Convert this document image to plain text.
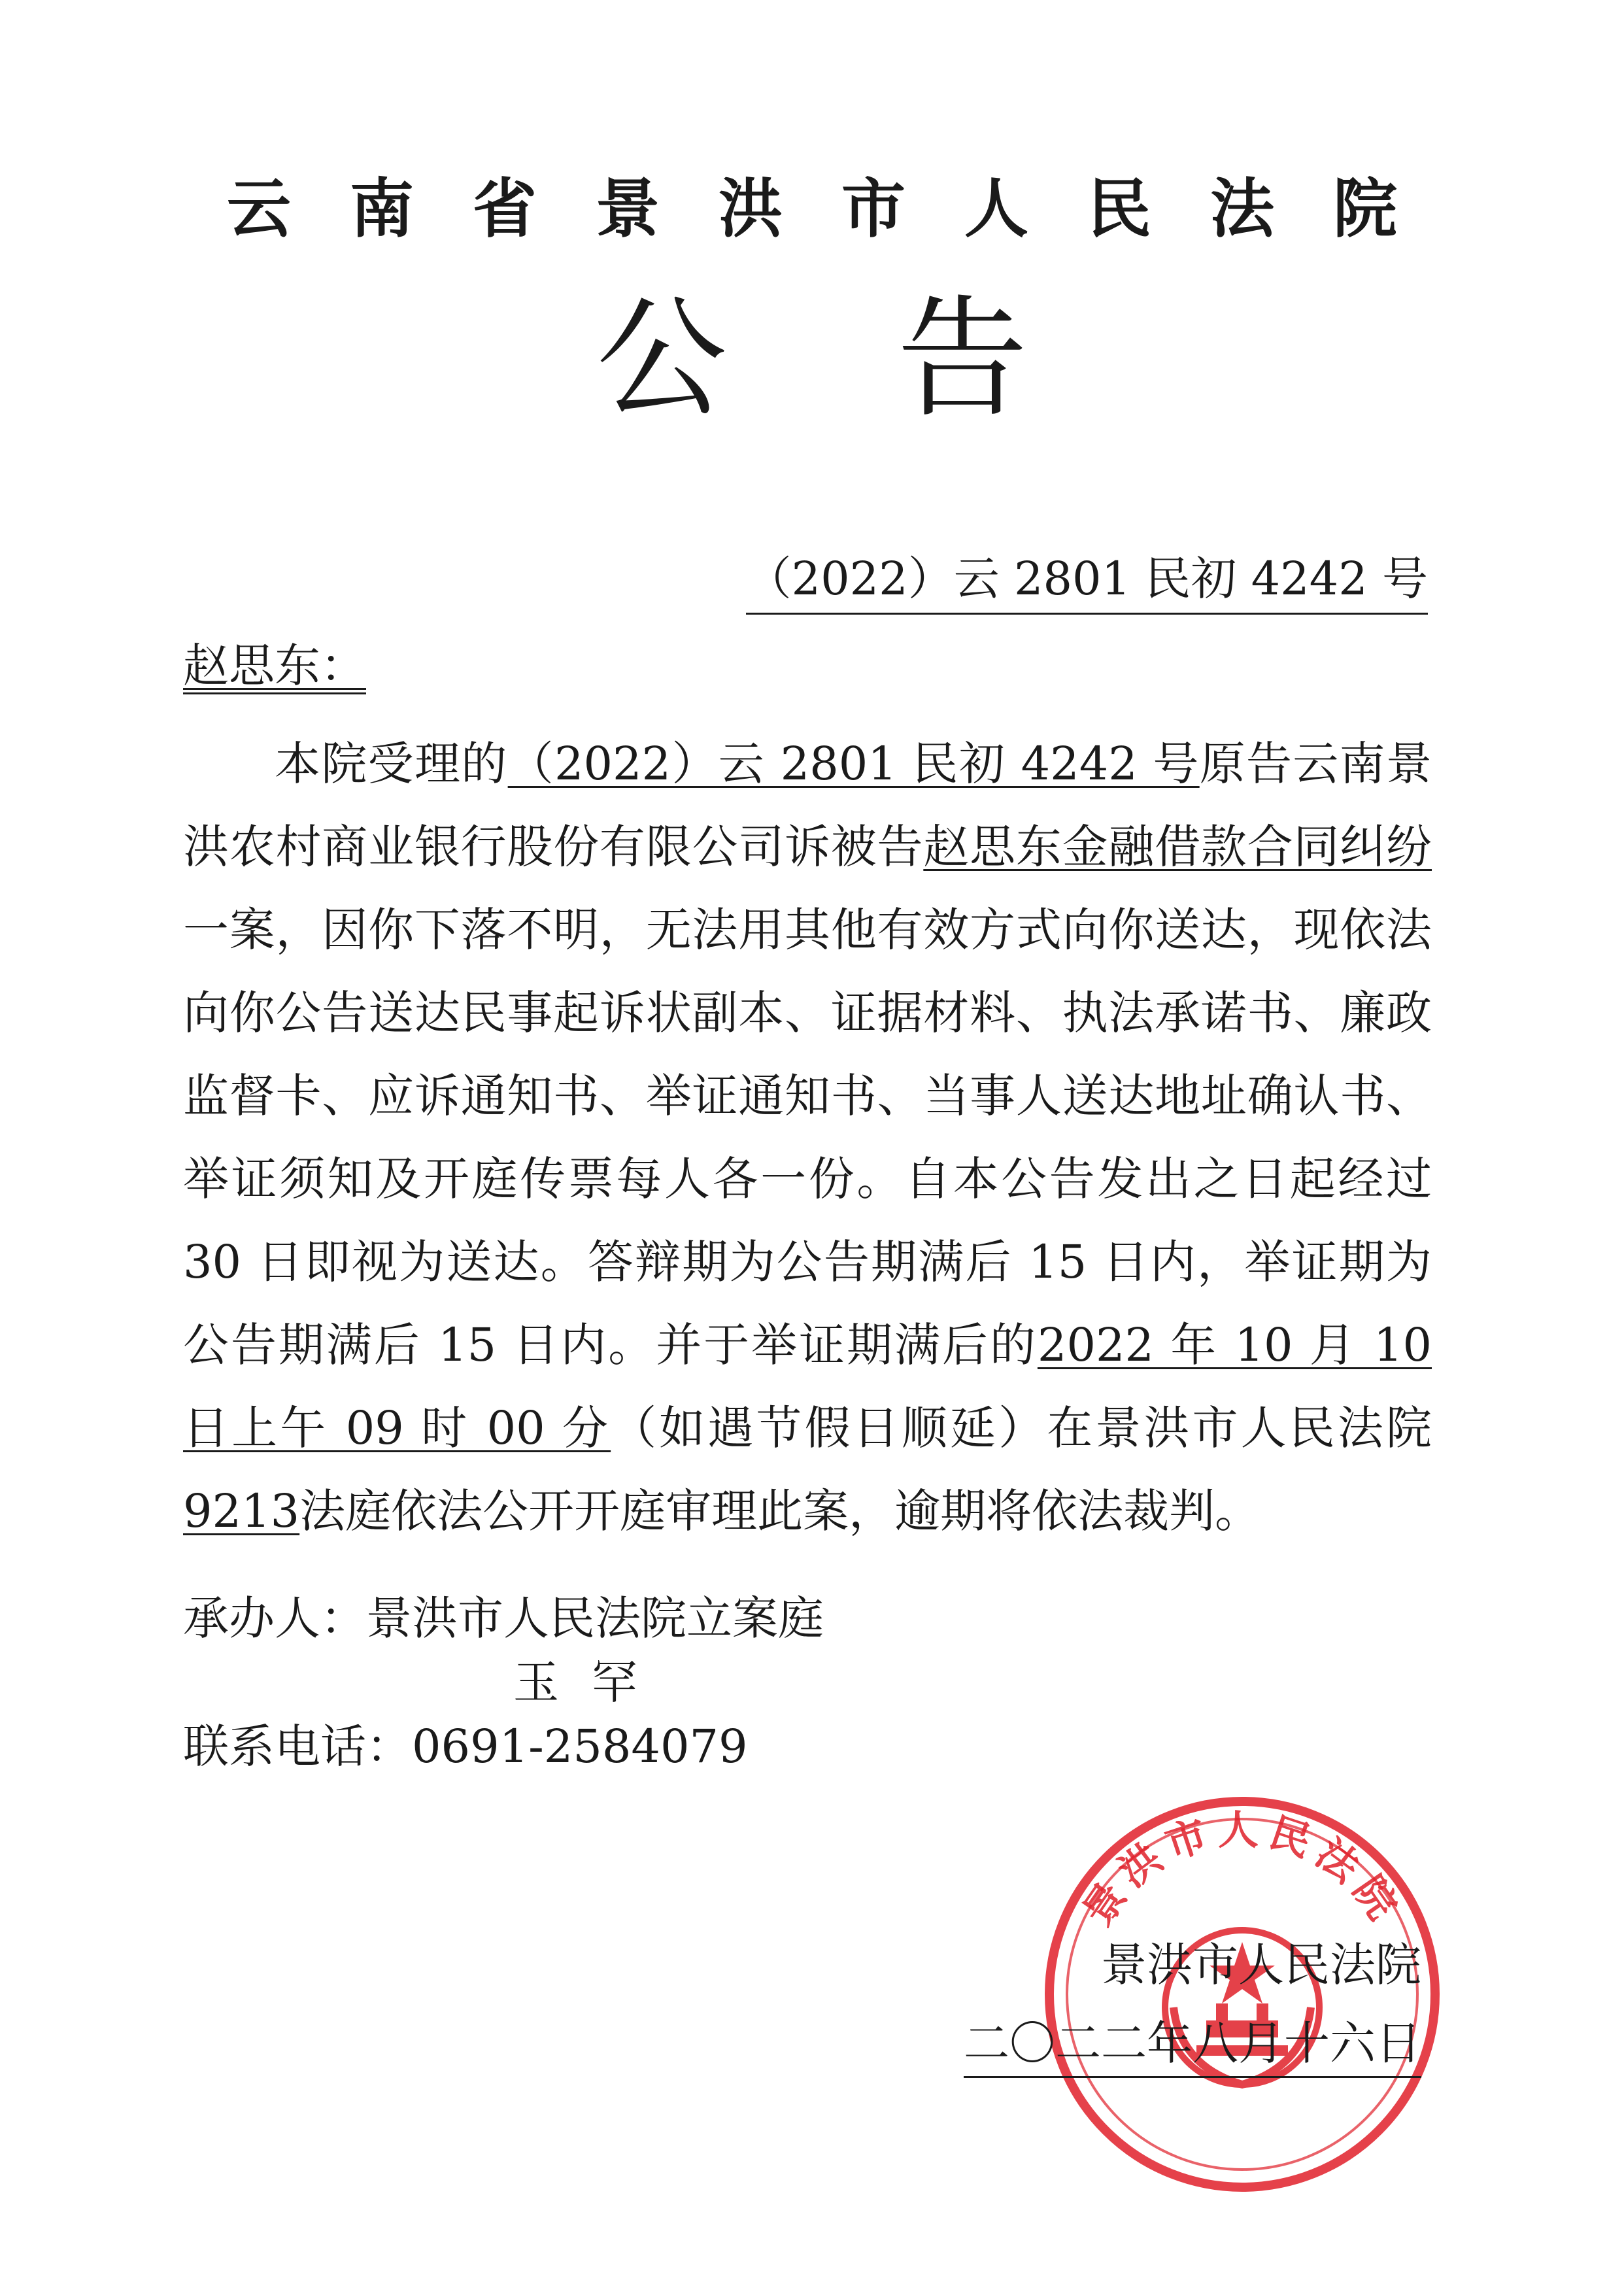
云南省景洪市人民法院
公告
（2022）云 2801 民初 4242 号
赵思东：

本院受理的（2022）云 2801 民初 4242 号原告云南景洪农村商业银行股份有限公司诉被告赵思东金融借款合同纠纷一案，因你下落不明，无法用其他有效方式向你送达，现依法向你公告送达民事起诉状副本、证据材料、执法承诺书、廉政监督卡、应诉通知书、举证通知书、当事人送达地址确认书、举证须知及开庭传票每人各一份。自本公告发出之日起经过 30 日即视为送达。答辩期为公告期满后 15 日内，举证期为公告期满后 15 日内。并于举证期满后的2022 年 10 月 10 日上午 09 时 00 分（如遇节假日顺延）在景洪市人民法院9213法庭依法公开开庭审理此案，逾期将依法裁判。

承办人：景洪市人民法院立案庭
玉罕
联系电话：0691-2584079
景洪市人民法院
景洪市人民法院
二〇二二年八月十六日
